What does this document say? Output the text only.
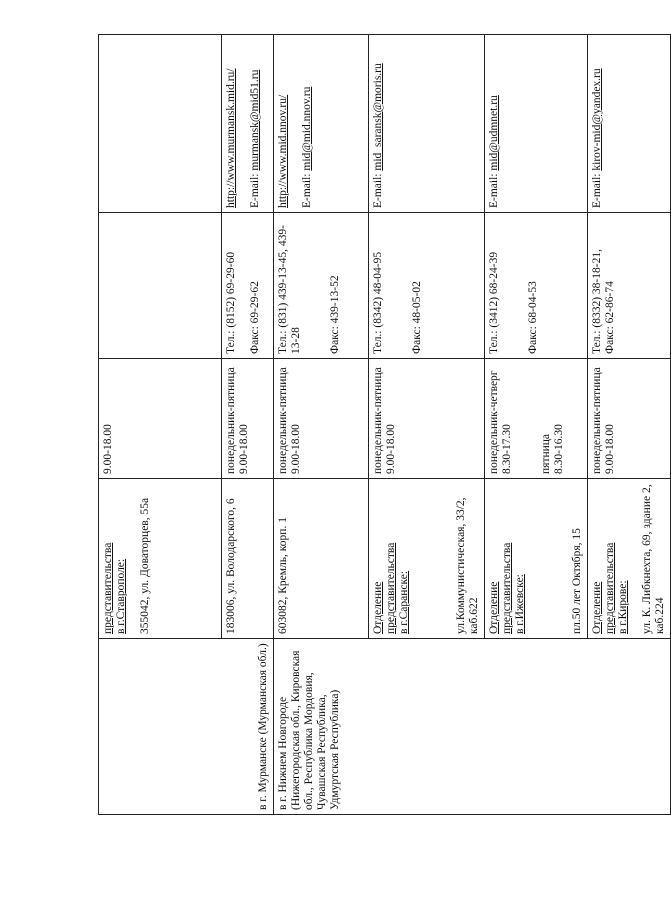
в г. Мурманске (Мурманская обл.)	представительства в г.Ставрополе: 355042, ул. Доваторцев, 55а	9.00-18.00		

	183006, ул. Володарского, 6	понедельник-пятница 9.00-18.00	Тел.: (8152) 69-29-60 Факс: 69-29-62	http://www.murmansk.mid.ru/ E-mail: murmansk@mid51.ru
в г. Нижнем Новгороде (Нижегородская обл., Кировская обл., Республика Мордовия, Чувашская Республика, Удмуртская Республика)	603082, Кремль, корп. 1	понедельник-пятница 9.00-18.00	Тел.: (831) 439-13-45, 439-13-28 Факс: 439-13-52	http://www.mid.nnov.ru/ E-mail: mid@mid.nnov.ru

	Отделение представительства в г.Саранске: ул.Коммунистическая, 33/2, каб.622	понедельник-пятница 9.00-18.00	Тел.: (8342) 48-04-95 Факс: 48-05-02	E-mail: mid_saransk@moris.ru

	Отделение представительства в г.Ижевске: пл.50 лет Октября, 15	понедельник-четверг 8.30-17.30 пятница 8.30-16.30	Тел.: (3412) 68-24-39 Факс: 68-04-53	E-mail: mid@udmnet.ru

	Отделение представительства в г.Кирове: ул. К. Либкнехта, 69, здание 2, каб.224	понедельник-пятница 9.00-18.00	Тел.: (8332) 38-18-21, Факс: 62-86-74	E-mail: kirov-mid@yandex.ru
